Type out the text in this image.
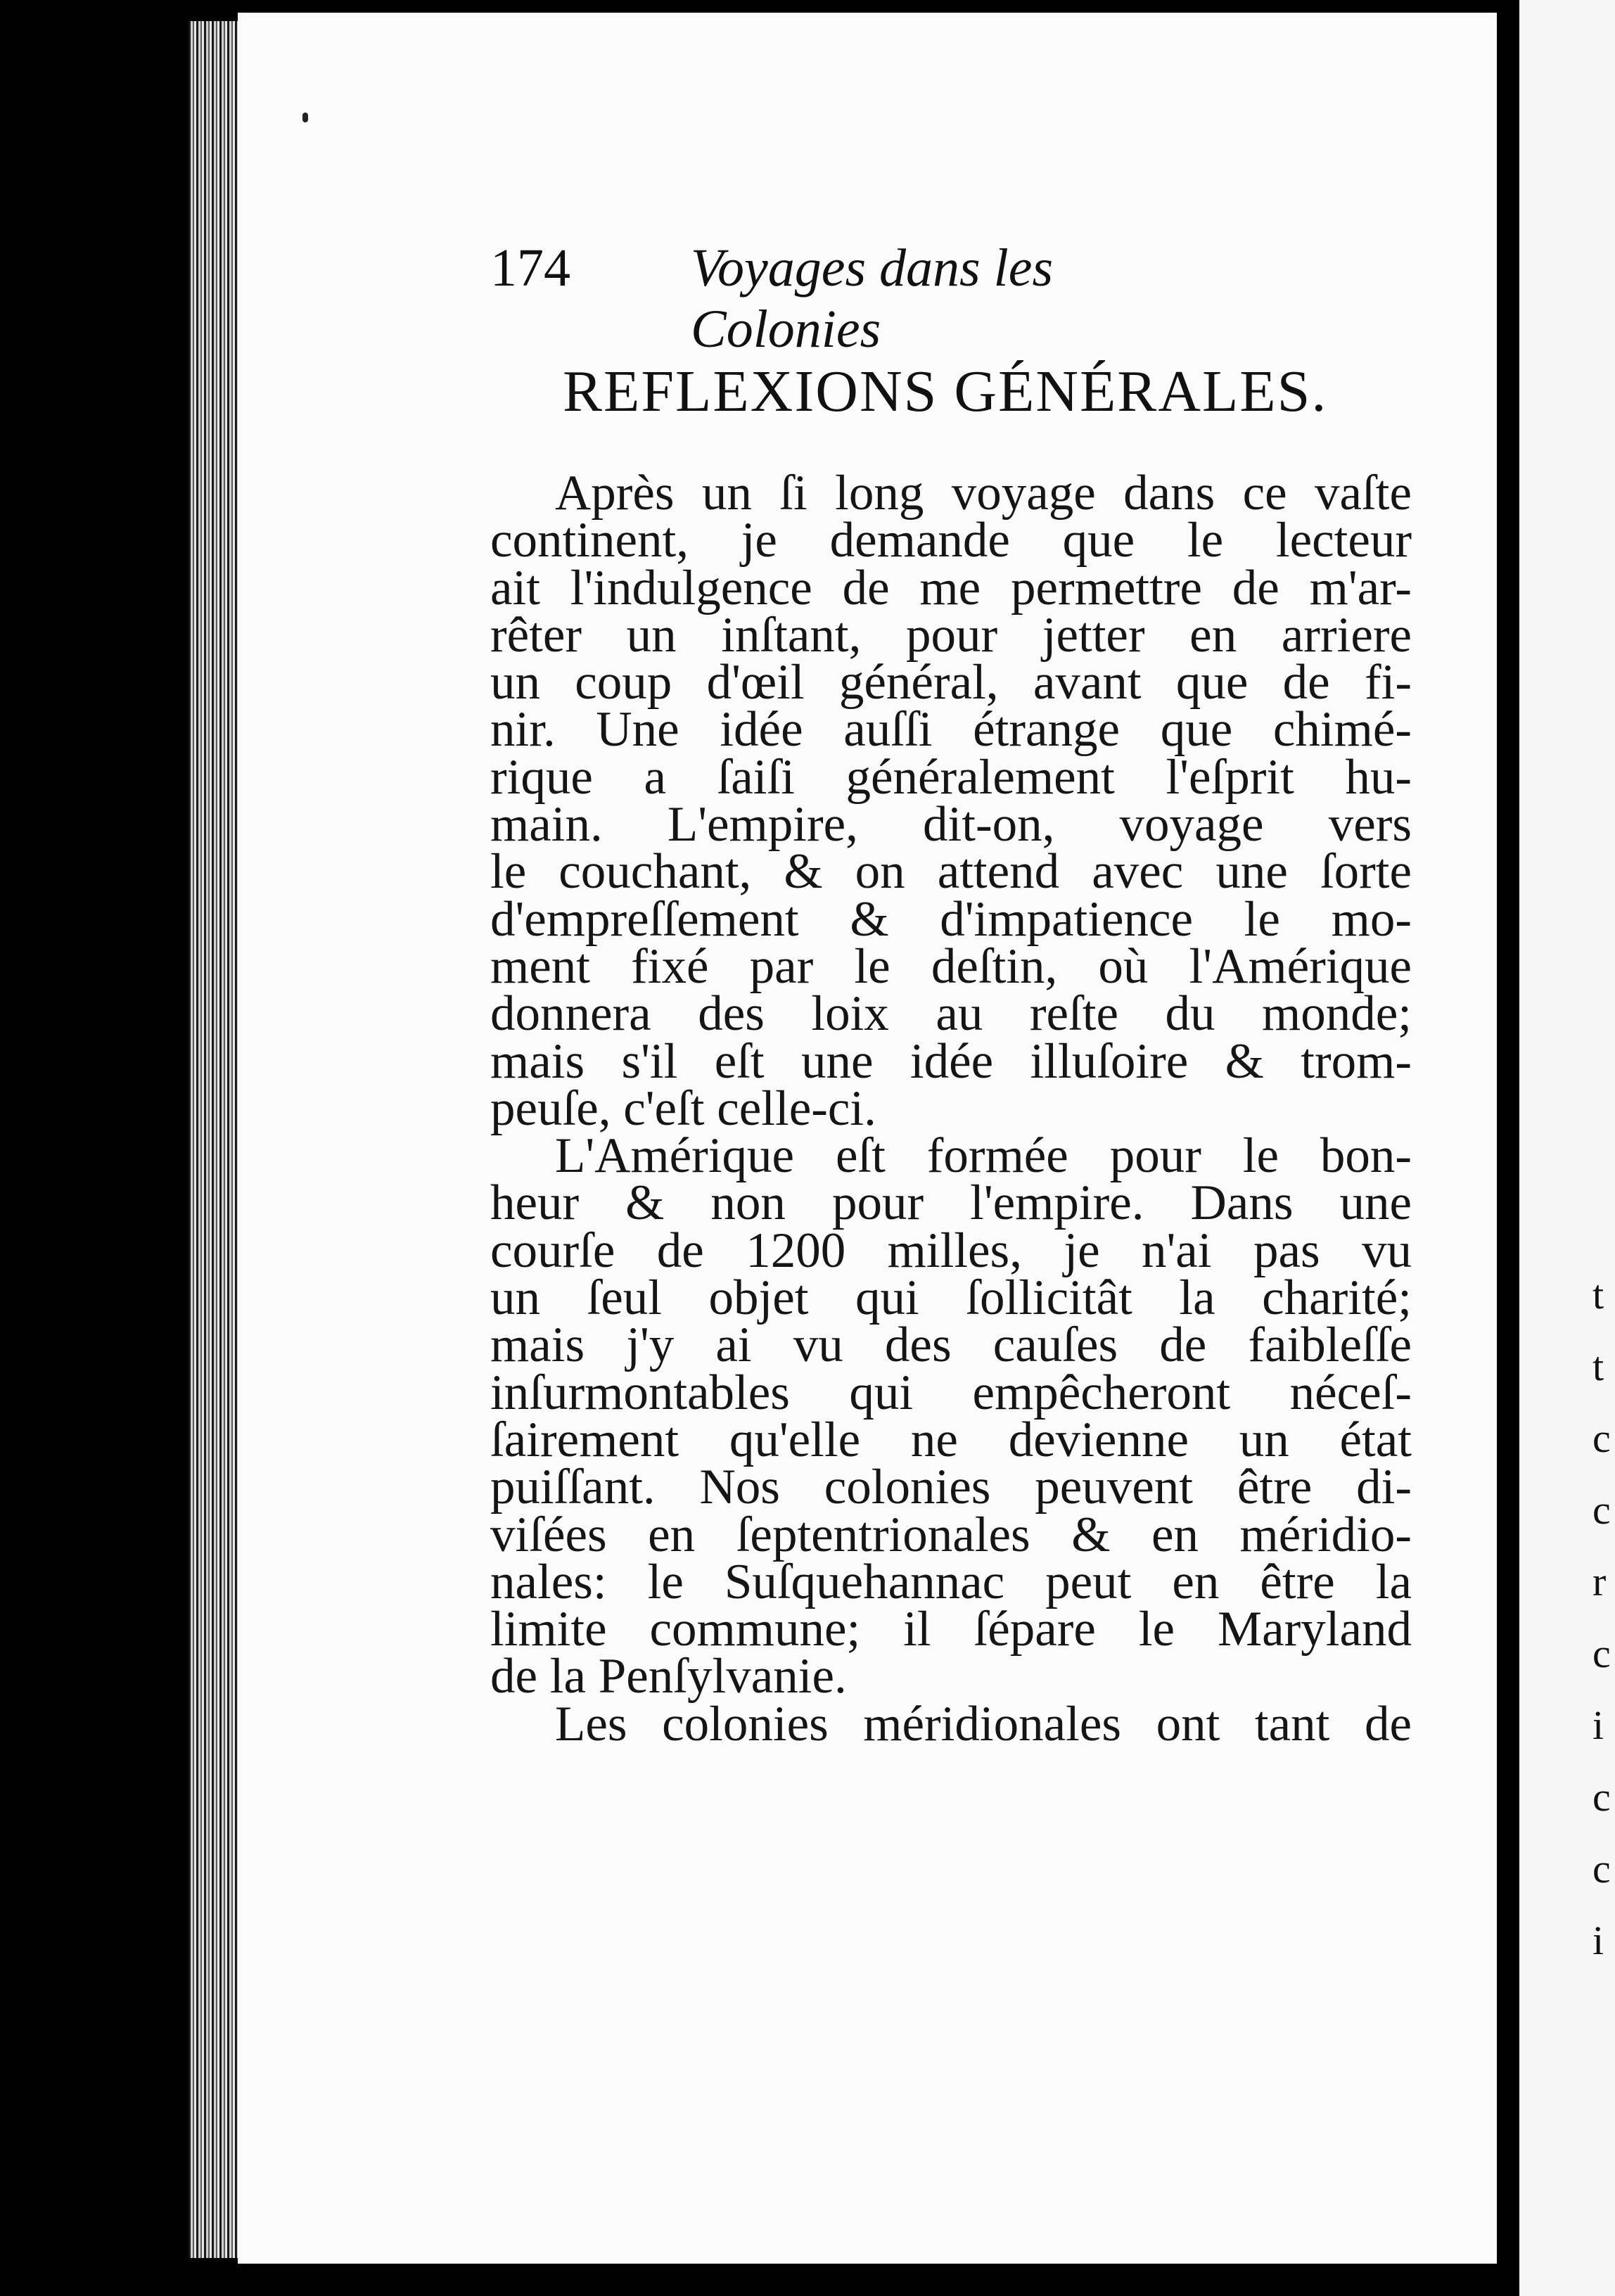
t
t
c
c
r
c
i
c
c
i
174 Voyages dans les Colonies
REFLEXIONS GÉNÉRALES.
Après un ſi long voyage dans ce vaſte
continent, je demande que le lecteur
ait l'indulgence de me permettre de m'ar-
rêter un inſtant, pour jetter en arriere
un coup d'œil général, avant que de fi-
nir. Une idée auſſi étrange que chimé-
rique a ſaiſi généralement l'eſprit hu-
main. L'empire, dit-on, voyage vers
le couchant, & on attend avec une ſorte
d'empreſſement & d'impatience le mo-
ment fixé par le deſtin, où l'Amérique
donnera des loix au reſte du monde;
mais s'il eſt une idée illuſoire & trom-
peuſe, c'eſt celle-ci.
L'Amérique eſt formée pour le bon-
heur & non pour l'empire. Dans une
courſe de 1200 milles, je n'ai pas vu
un ſeul objet qui ſollicitât la charité;
mais j'y ai vu des cauſes de faibleſſe
inſurmontables qui empêcheront néceſ-
ſairement qu'elle ne devienne un état
puiſſant. Nos colonies peuvent être di-
viſées en ſeptentrionales & en méridio-
nales: le Suſquehannac peut en être la
limite commune; il ſépare le Maryland
de la Penſylvanie.
Les colonies méridionales ont tant de
